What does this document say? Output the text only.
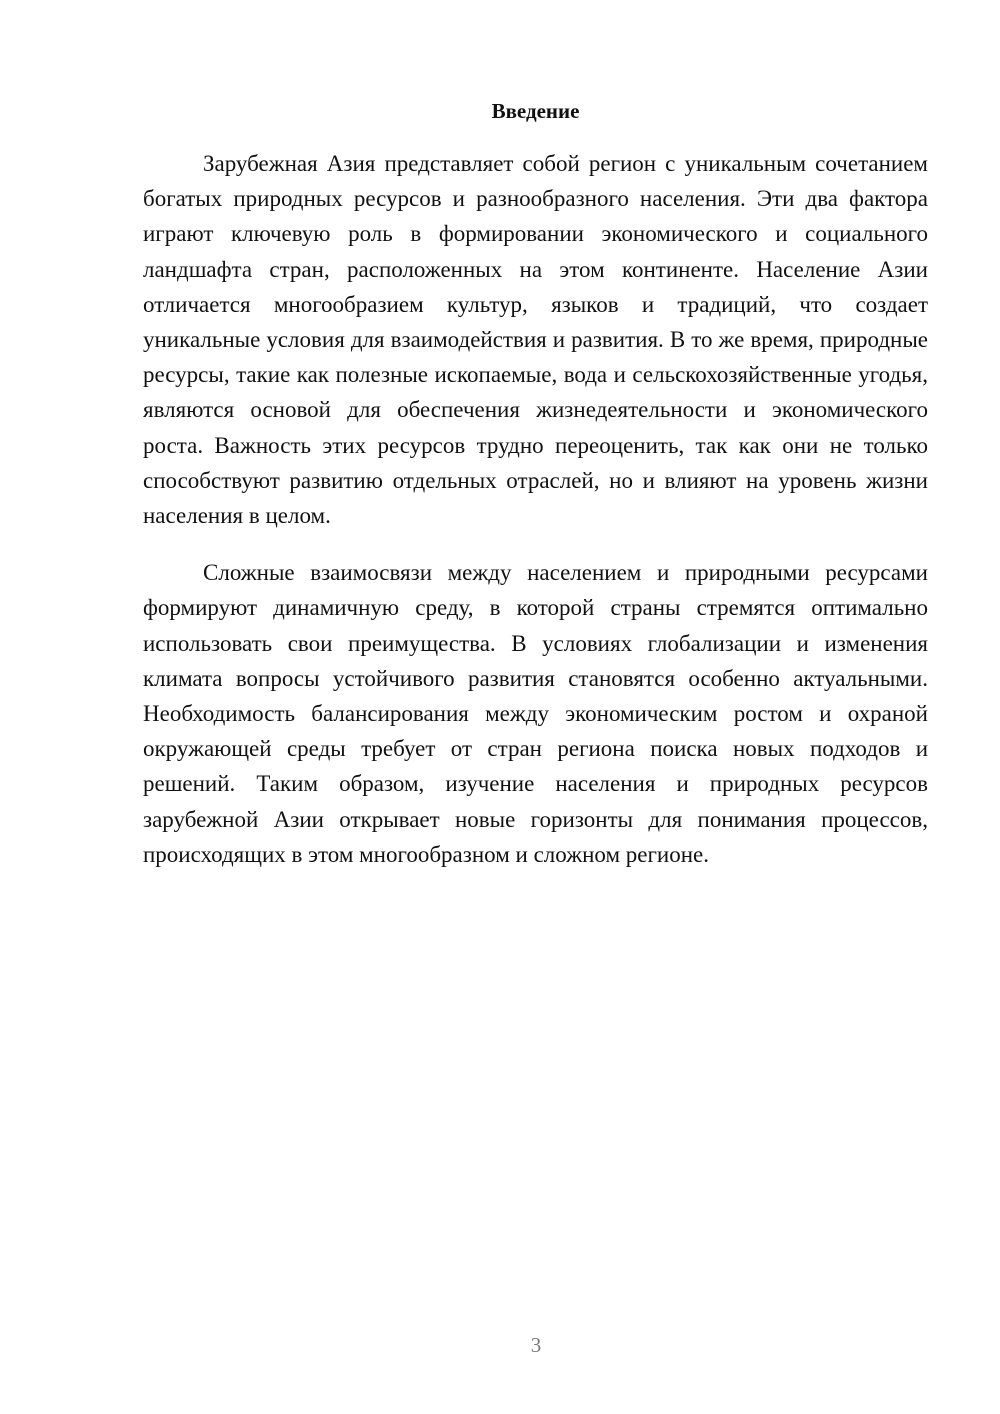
Введение

Зарубежная Азия представляет собой регион с уникальным сочетанием богатых природных ресурсов и разнообразного населения. Эти два фактора играют ключевую роль в формировании экономического и социального ландшафта стран, расположенных на этом континенте. Население Азии отличается многообразием культур, языков и традиций, что создает уникальные условия для взаимодействия и развития. В то же время, природные ресурсы, такие как полезные ископаемые, вода и сельскохозяйственные угодья, являются основой для обеспечения жизнедеятельности и экономического роста. Важность этих ресурсов трудно переоценить, так как они не только способствуют развитию отдельных отраслей, но и влияют на уровень жизни населения в целом.

Сложные взаимосвязи между населением и природными ресурсами формируют динамичную среду, в которой страны стремятся оптимально использовать свои преимущества. В условиях глобализации и изменения климата вопросы устойчивого развития становятся особенно актуальными. Необходимость балансирования между экономическим ростом и охраной окружающей среды требует от стран региона поиска новых подходов и решений. Таким образом, изучение населения и природных ресурсов зарубежной Азии открывает новые горизонты для понимания процессов, происходящих в этом многообразном и сложном регионе.

3
